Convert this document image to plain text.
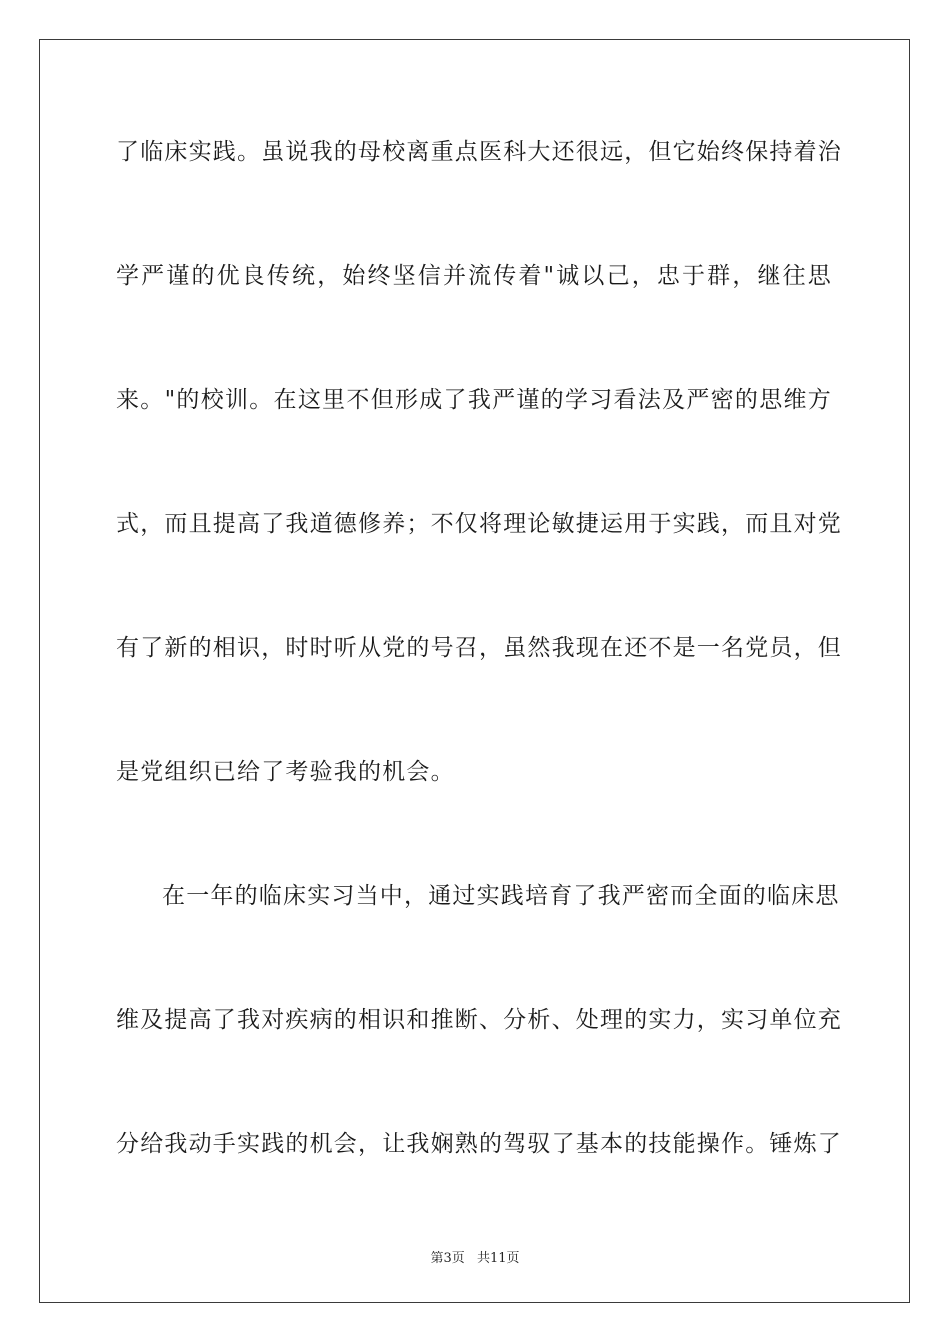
了临床实践。虽说我的母校离重点医科大还很远，但它始终保持着治
学严谨的优良传统，始终坚信并流传着"诚以己，忠于群，继往思
来。"的校训。在这里不但形成了我严谨的学习看法及严密的思维方
式，而且提高了我道德修养；不仅将理论敏捷运用于实践，而且对党
有了新的相识，时时听从党的号召，虽然我现在还不是一名党员，但
是党组织已给了考验我的机会。
在一年的临床实习当中，通过实践培育了我严密而全面的临床思
维及提高了我对疾病的相识和推断、分析、处理的实力，实习单位充
分给我动手实践的机会，让我娴熟的驾驭了基本的技能操作。锤炼了
第3页 共11页
